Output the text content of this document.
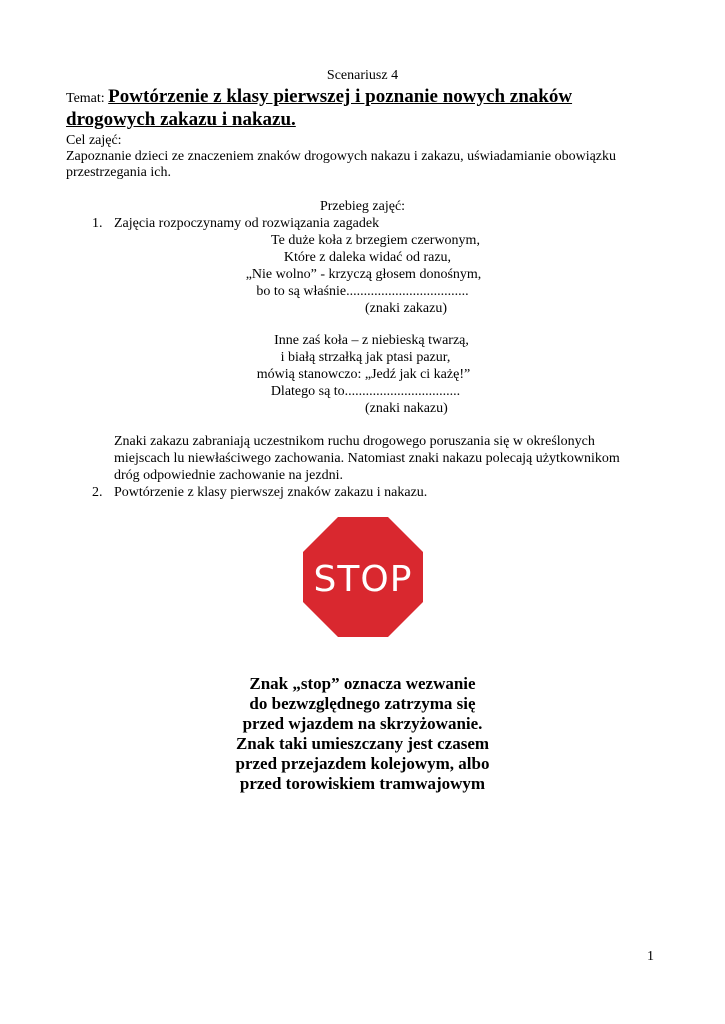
Scenariusz 4
Temat: Powtórzenie z klasy pierwszej i poznanie nowych znaków
drogowych zakazu i nakazu.
Cel zajęć:
Zapoznanie dzieci ze znaczeniem znaków drogowych nakazu i zakazu, uświadamianie obowiązku
przestrzegania ich.
Przebieg zajęć:
1. Zajęcia rozpoczynamy od rozwiązania zagadek
Te duże koła z brzegiem czerwonym,
Które z daleka widać od razu,
„Nie wolno” - krzyczą głosem donośnym,
bo to są właśnie...................................
(znaki zakazu)
Inne zaś koła – z niebieską twarzą,
i białą strzałką jak ptasi pazur,
mówią stanowczo: „Jedź jak ci każę!”
Dlatego są to.................................
(znaki nakazu)
Znaki zakazu zabraniają uczestnikom ruchu drogowego poruszania się w określonych
miejscach lu niewłaściwego zachowania. Natomiast znaki nakazu polecają użytkownikom
dróg odpowiednie zachowanie na jezdni.
2. Powtórzenie z klasy pierwszej znaków zakazu i nakazu.
STOP
Znak „stop” oznacza wezwanie
do bezwzględnego zatrzyma się
przed wjazdem na skrzyżowanie.
Znak taki umieszczany jest czasem
przed przejazdem kolejowym, albo
przed torowiskiem tramwajowym
1
